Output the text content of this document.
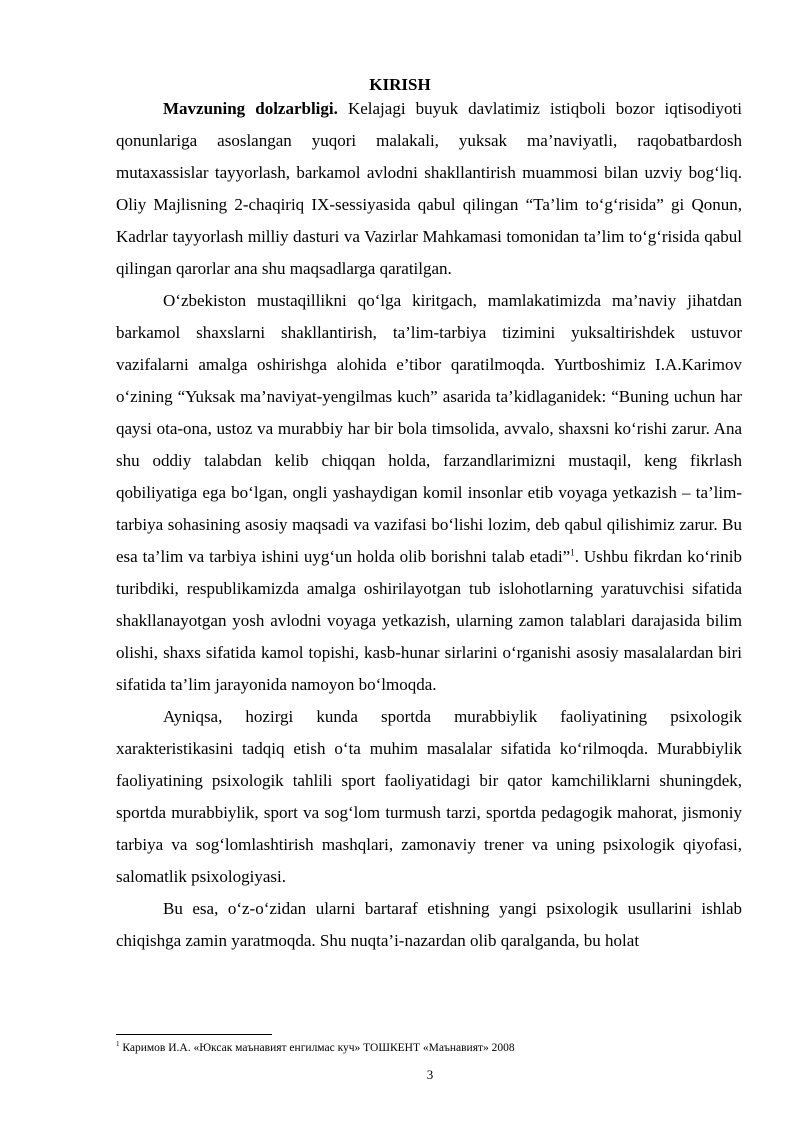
KIRISH

Mavzuning dolzarbligi. Kelajagi buyuk davlatimiz istiqboli bozor iqtisodiyoti qonunlariga asoslangan yuqori malakali, yuksak ma’naviyatli, raqobatbardosh mutaxassislar tayyorlash, barkamol avlodni shakllantirish muammosi bilan uzviy bog‘liq. Oliy Majlisning 2-chaqiriq IX-sessiyasida qabul qilingan “Ta’lim to‘g‘risida” gi Qonun, Kadrlar tayyorlash milliy dasturi va Vazirlar Mahkamasi tomonidan ta’lim to‘g‘risida qabul qilingan qarorlar ana shu maqsadlarga qaratilgan.

O‘zbekiston mustaqillikni qo‘lga kiritgach, mamlakatimizda ma’naviy jihatdan barkamol shaxslarni shakllantirish, ta’lim-tarbiya tizimini yuksaltirishdek ustuvor vazifalarni amalga oshirishga alohida e’tibor qaratilmoqda. Yurtboshimiz I.A.Karimov o‘zining “Yuksak ma’naviyat-yengilmas kuch” asarida ta’kidlaganidek: “Buning uchun har qaysi ota-ona, ustoz va murabbiy har bir bola timsolida, avvalo, shaxsni ko‘rishi zarur. Ana shu oddiy talabdan kelib chiqqan holda, farzandlarimizni mustaqil, keng fikrlash qobiliyatiga ega bo‘lgan, ongli yashaydigan komil insonlar etib voyaga yetkazish – ta’lim-tarbiya sohasining asosiy maqsadi va vazifasi bo‘lishi lozim, deb qabul qilishimiz zarur. Bu esa ta’lim va tarbiya ishini uyg‘un holda olib borishni talab etadi”$^1$. Ushbu fikrdan ko‘rinib turibdiki, respublikamizda amalga oshirilayotgan tub islohotlarning yaratuvchisi sifatida shakllanayotgan yosh avlodni voyaga yetkazish, ularning zamon talablari darajasida bilim olishi, shaxs sifatida kamol topishi, kasb-hunar sirlarini o‘rganishi asosiy masalalardan biri sifatida ta’lim jarayonida namoyon bo‘lmoqda.

Ayniqsa, hozirgi kunda sportda murabbiylik faoliyatining psixologik xarakteristikasini tadqiq etish o‘ta muhim masalalar sifatida ko‘rilmoqda. Murabbiylik faoliyatining psixologik tahlili sport faoliyatidagi bir qator kamchiliklarni shuningdek, sportda murabbiylik, sport va sog‘lom turmush tarzi, sportda pedagogik mahorat, jismoniy tarbiya va sog‘lomlashtirish mashqlari, zamonaviy trener va uning psixologik qiyofasi, salomatlik psixologiyasi.

Bu esa, o‘z-o‘zidan ularni bartaraf etishning yangi psixologik usullarini ishlab chiqishga zamin yaratmoqda. Shu nuqta’i-nazardan olib qaralganda, bu holat

$^1$ Каримов И.А. «Юксак маънавият енгилмас куч» ТОШКЕНТ «Маънавият» 2008

3
